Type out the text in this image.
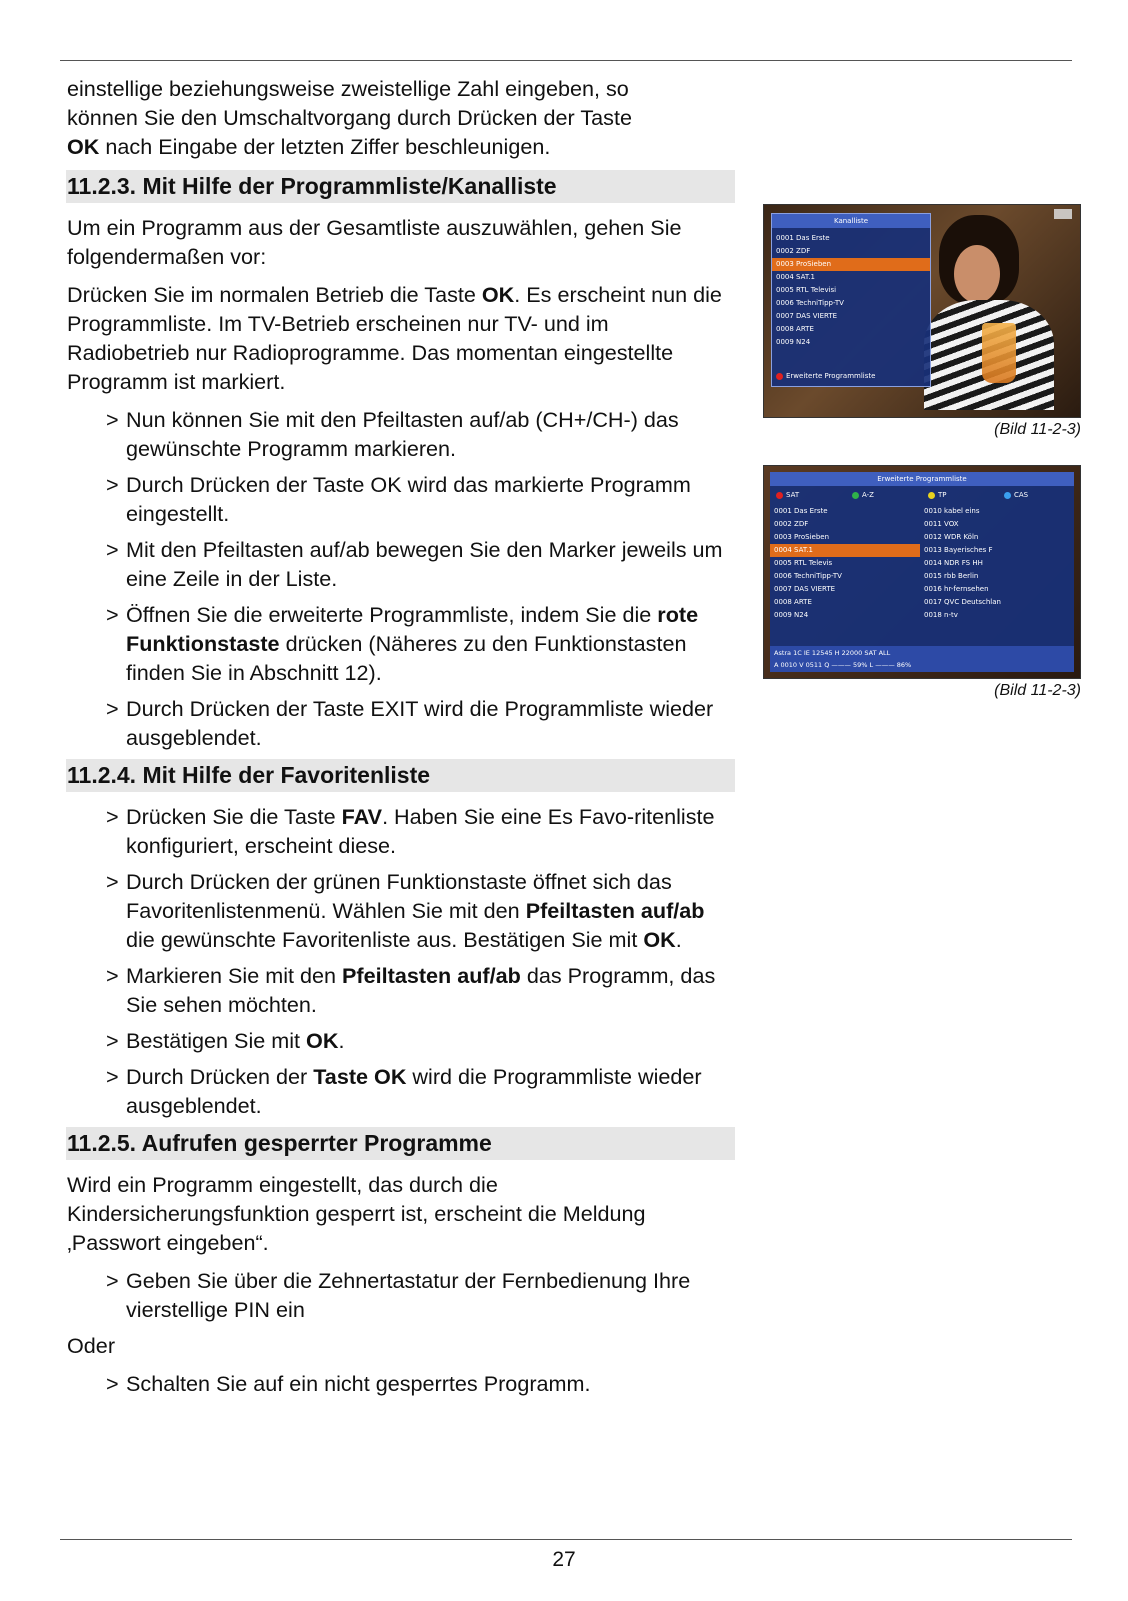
einstellige beziehungsweise zweistellige Zahl eingeben, so
können Sie den Umschaltvorgang durch Drücken der Taste
OK nach Eingabe der letzten Ziffer beschleunigen.

11.2.3. Mit Hilfe der Programmliste/Kanalliste

Um ein Programm aus der Gesamtliste auszuwählen, gehen Sie folgendermaßen vor:

Drücken Sie im normalen Betrieb die Taste OK. Es erscheint nun die Programmliste. Im TV-Betrieb erscheinen nur TV- und im Radiobetrieb nur Radioprogramme. Das momentan eingestellte Programm ist markiert.

> Nun können Sie mit den Pfeiltasten auf/ab (CH+/CH-) das gewünschte Programm markieren.
> Durch Drücken der Taste OK wird das markierte Programm eingestellt.
> Mit den Pfeiltasten auf/ab bewegen Sie den Marker jeweils um eine Zeile in der Liste.
> Öffnen Sie die erweiterte Programmliste, indem Sie die rote Funktionstaste drücken (Näheres zu den Funktionstasten finden Sie in Abschnitt 12).
> Durch Drücken der Taste EXIT wird die Programmliste wieder ausgeblendet.
11.2.4. Mit Hilfe der Favoritenliste
> Drücken Sie die Taste FAV. Haben Sie eine Es Favo-ritenliste konfiguriert, erscheint diese.
> Durch Drücken der grünen Funktionstaste öffnet sich das Favoritenlistenmenü. Wählen Sie mit den Pfeiltasten auf/ab die gewünschte Favoritenliste aus. Bestätigen Sie mit OK.
> Markieren Sie mit den Pfeiltasten auf/ab das Programm, das Sie sehen möchten.
> Bestätigen Sie mit OK.
> Durch Drücken der Taste OK wird die Programmliste wieder ausgeblendet.
11.2.5. Aufrufen gesperrter Programme

Wird ein Programm eingestellt, das durch die Kindersicherungsfunktion gesperrt ist, erscheint die Meldung ‚Passwort eingeben“.

> Geben Sie über die Zehnertastatur der Fernbedienung Ihre vierstellige PIN ein

Oder

> Schalten Sie auf ein nicht gesperrtes Programm.
Kanalliste
0001 Das Erste
0002 ZDF
0003 ProSieben
0004 SAT.1
0005 RTL Televisi
0006 TechniTipp-TV
0007 DAS VIERTE
0008 ARTE
0009 N24
Erweiterte Programmliste
(Bild 11-2-3)
Erweiterte Programmliste
SAT	A-Z	TP	CAS
0001 Das Erste
0002 ZDF
0003 ProSieben
0004 SAT.1
0005 RTL Televis
0006 TechniTipp-TV
0007 DAS VIERTE
0008 ARTE
0009 N24
0010 kabel eins
0011 VOX
0012 WDR Köln
0013 Bayerisches F
0014 NDR FS HH
0015 rbb Berlin
0016 hr-fernsehen
0017 QVC Deutschlan
0018 n-tv
Astra 1C IE 12545 H 22000 SAT ALL
A 0010 V 0511 Q ——— 59% L ——— 86%
(Bild 11-2-3)
27
